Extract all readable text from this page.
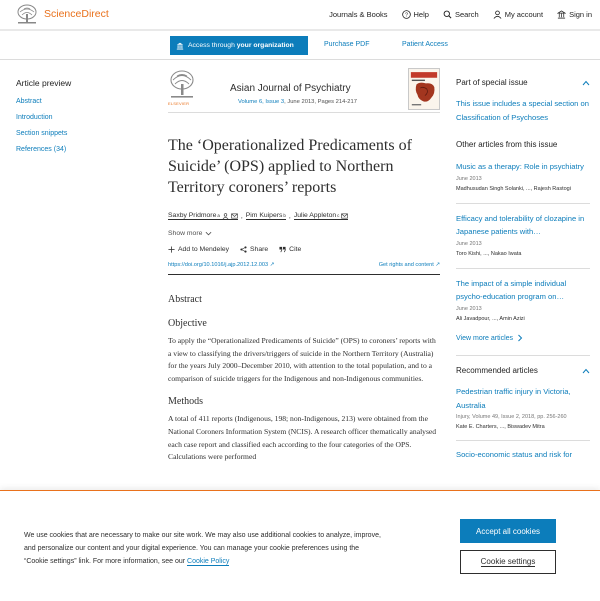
ScienceDirect	Journals & Books	? Help	Search	My account	Sign in
Access through your organization	Purchase PDF	Patient Access
Article preview
Abstract
Introduction
Section snippets
References (34)
ELSEVIER
Asian Journal of Psychiatry
Volume 6, Issue 3, June 2013, Pages 214-217
The ‘Operationalized Predicaments of Suicide’ (OPS) applied to Northern Territory coroners’ reports
Saxby Pridmore a	, Pim Kuipers b , Julie Appleton c
Show more
Add to Mendeley	Share	Cite
https://doi.org/10.1016/j.ajp.2012.12.003 ↗	Get rights and content ↗
Abstract
Objective
To apply the “Operationalized Predicaments of Suicide” (OPS) to coroners’ reports with a view to classifying the drivers/triggers of suicide in the Northern Territory (Australia) for the years July 2000–December 2010, with attention to the total population, and to a comparison of suicide triggers for the Indigenous and non-Indigenous communities.
Methods
A total of 411 reports (Indigenous, 198; non-Indigenous, 213) were obtained from the National Coroners Information System (NCIS). A research officer thematically analysed each case report and classified each according to the four categories of the OPS. Calculations were performed
Part of special issue
This issue includes a special section on Classification of Psychoses
Other articles from this issue
Music as a therapy: Role in psychiatry
June 2013
Madhusudan Singh Solanki, ..., Rajesh Rastogi
Efficacy and tolerability of clozapine in Japanese patients with…
June 2013
Toro Kishi, ..., Nakao Iwata
The impact of a simple individual psycho-education program on…
June 2013
Ali Javadpour, ..., Amin Azizi
View more articles
Recommended articles
Pedestrian traffic injury in Victoria, Australia
Injury, Volume 49, Issue 2, 2018, pp. 256-260
Kate E. Charters, ..., Biswadev Mitra
Socio-economic status and risk for
We use cookies that are necessary to make our site work. We may also use additional cookies to analyze, improve, and personalize our content and your digital experience. You can manage your cookie preferences using the “Cookie settings” link. For more information, see our Cookie Policy
Accept all cookies
Cookie settings
